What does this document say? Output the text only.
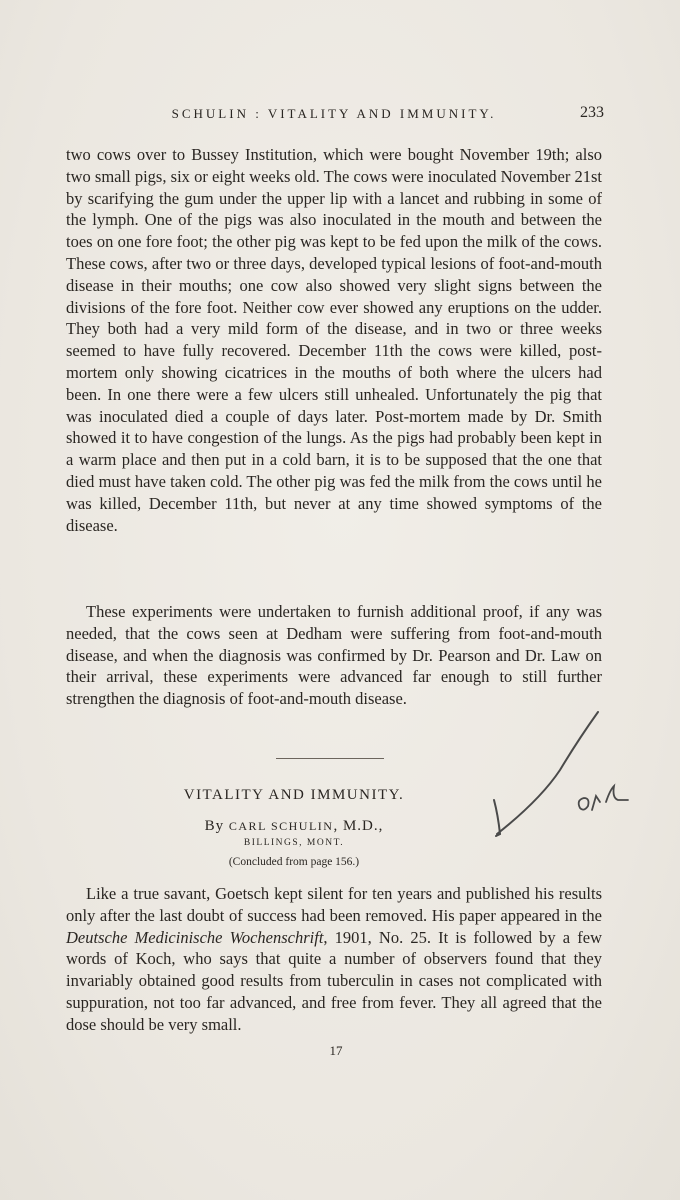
SCHULIN : VITALITY AND IMMUNITY.	233

two cows over to Bussey Institution, which were bought November 19th; also two small pigs, six or eight weeks old. The cows were inoculated November 21st by scarifying the gum under the upper lip with a lancet and rubbing in some of the lymph. One of the pigs was also inoculated in the mouth and between the toes on one fore foot; the other pig was kept to be fed upon the milk of the cows. These cows, after two or three days, developed typical lesions of foot-and-mouth disease in their mouths; one cow also showed very slight signs between the divisions of the fore foot. Neither cow ever showed any eruptions on the udder. They both had a very mild form of the disease, and in two or three weeks seemed to have fully recovered. December 11th the cows were killed, post-mortem only showing cicatrices in the mouths of both where the ulcers had been. In one there were a few ulcers still unhealed. Unfortunately the pig that was inoculated died a couple of days later. Post-mortem made by Dr. Smith showed it to have congestion of the lungs. As the pigs had probably been kept in a warm place and then put in a cold barn, it is to be supposed that the one that died must have taken cold. The other pig was fed the milk from the cows until he was killed, December 11th, but never at any time showed symptoms of the disease.

These experiments were undertaken to furnish additional proof, if any was needed, that the cows seen at Dedham were suffering from foot-and-mouth disease, and when the diagnosis was confirmed by Dr. Pearson and Dr. Law on their arrival, these experiments were advanced far enough to still further strengthen the diagnosis of foot-and-mouth disease.

VITALITY AND IMMUNITY.
By CARL SCHULIN, M.D.,
BILLINGS, MONT.
(Concluded from page 156.)

Like a true savant, Goetsch kept silent for ten years and published his results only after the last doubt of success had been removed. His paper appeared in the Deutsche Medicinische Wochenschrift, 1901, No. 25. It is followed by a few words of Koch, who says that quite a number of observers found that they invariably obtained good results from tuberculin in cases not complicated with suppuration, not too far advanced, and free from fever. They all agreed that the dose should be very small.

17
